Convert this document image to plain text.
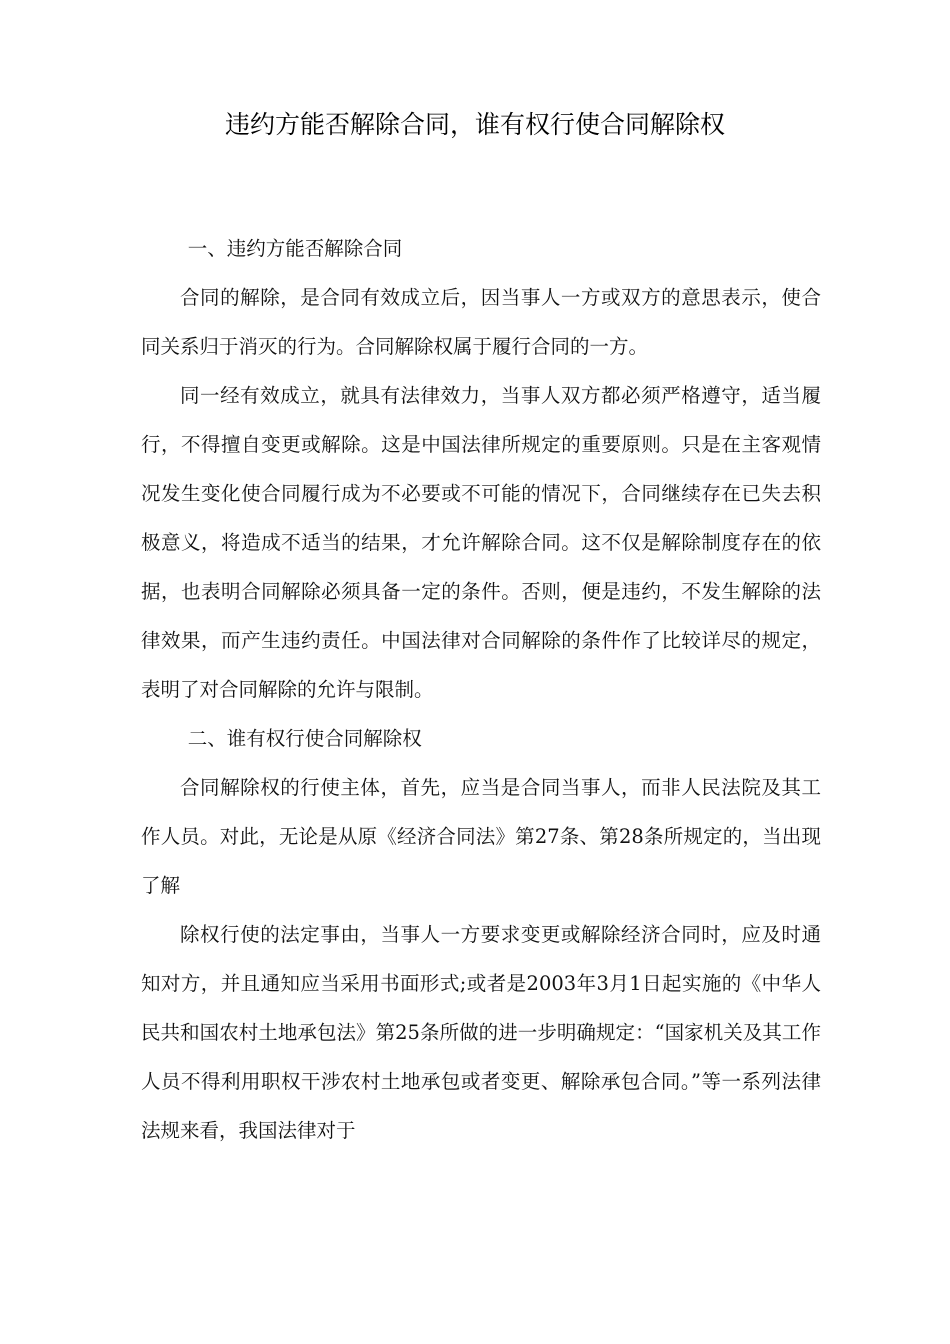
违约方能否解除合同，谁有权行使合同解除权

一、违约方能否解除合同

合同的解除，是合同有效成立后，因当事人一方或双方的意思表示，使合同关系归于消灭的行为。合同解除权属于履行合同的一方。

同一经有效成立，就具有法律效力，当事人双方都必须严格遵守，适当履行，不得擅自变更或解除。这是中国法律所规定的重要原则。只是在主客观情况发生变化使合同履行成为不必要或不可能的情况下，合同继续存在已失去积极意义，将造成不适当的结果，才允许解除合同。这不仅是解除制度存在的依据，也表明合同解除必须具备一定的条件。否则，便是违约，不发生解除的法律效果，而产生违约责任。中国法律对合同解除的条件作了比较详尽的规定，表明了对合同解除的允许与限制。

二、谁有权行使合同解除权

合同解除权的行使主体，首先，应当是合同当事人，而非人民法院及其工作人员。对此，无论是从原《经济合同法》第27条、第28条所规定的，当出现了解

除权行使的法定事由，当事人一方要求变更或解除经济合同时，应及时通知对方，并且通知应当采用书面形式;或者是2003年3月1日起实施的《中华人民共和国农村土地承包法》第25条所做的进一步明确规定：“国家机关及其工作人员不得利用职权干涉农村土地承包或者变更、解除承包合同。”等一系列法律法规来看，我国法律对于
